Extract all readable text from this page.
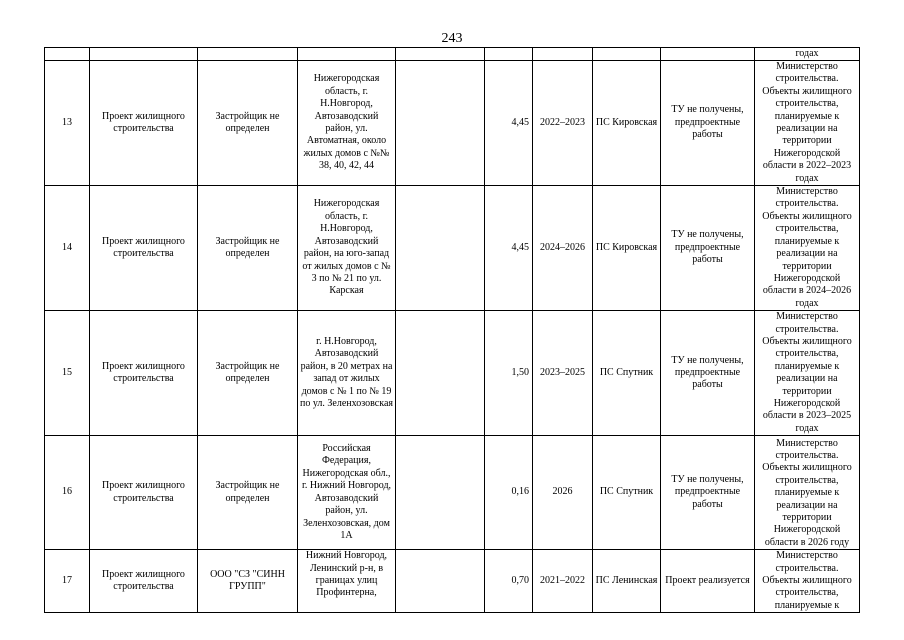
243
									годах
13	Проект жилищного строительства	Застройщик не определен	Нижегородская область, г. Н.Новгород, Автозаводский район, ул. Автоматная, около жилых домов с №№ 38, 40, 42, 44		4,45	2022–2023	ПС Кировская	ТУ не получены, предпроектные работы	Министерство строительства. Объекты жилищного строительства, планируемые к реализации на территории Нижегородской области в 2022–2023 годах
14	Проект жилищного строительства	Застройщик не определен	Нижегородская область, г. Н.Новгород, Автозаводский район, на юго-запад от жилых домов с № 3 по № 21 по ул. Карская		4,45	2024–2026	ПС Кировская	ТУ не получены, предпроектные работы	Министерство строительства. Объекты жилищного строительства, планируемые к реализации на территории Нижегородской области в 2024–2026 годах
15	Проект жилищного строительства	Застройщик не определен	г. Н.Новгород, Автозаводский район, в 20 метрах на запад от жилых домов с № 1 по № 19 по ул. Зеленхозовская		1,50	2023–2025	ПС Спутник	ТУ не получены, предпроектные работы	Министерство строительства. Объекты жилищного строительства, планируемые к реализации на территории Нижегородской области в 2023–2025 годах
16	Проект жилищного строительства	Застройщик не определен	Российская Федерация, Нижегородская обл., г. Нижний Новгород, Автозаводский район, ул. Зеленхозовская, дом 1А		0,16	2026	ПС Спутник	ТУ не получены, предпроектные работы	Министерство строительства. Объекты жилищного строительства, планируемые к реализации на территории Нижегородской области в 2026 году
17	Проект жилищного строительства	ООО "СЗ "СИНН ГРУПП"	Нижний Новгород, Ленинский р-н, в границах улиц Профинтерна,		0,70	2021–2022	ПС Ленинская	Проект реализуется	Министерство строительства. Объекты жилищного строительства, планируемые к
